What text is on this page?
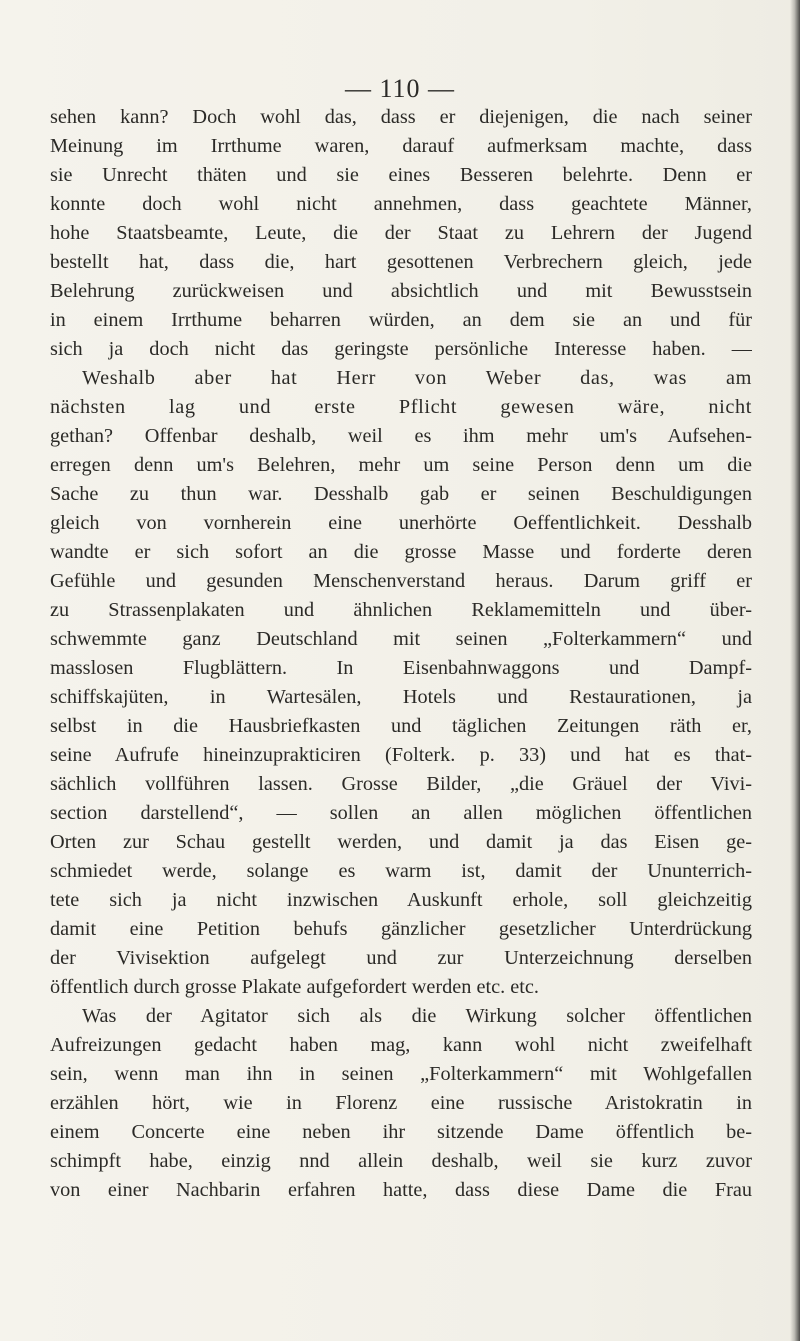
— 110 —
sehen kann? Doch wohl das, dass er diejenigen, die nach seiner
Meinung im Irrthume waren, darauf aufmerksam machte, dass
sie Unrecht thäten und sie eines Besseren belehrte. Denn er
konnte doch wohl nicht annehmen, dass geachtete Männer,
hohe Staatsbeamte, Leute, die der Staat zu Lehrern der Jugend
bestellt hat, dass die, hart gesottenen Verbrechern gleich, jede
Belehrung zurückweisen und absichtlich und mit Bewusstsein
in einem Irrthume beharren würden, an dem sie an und für
sich ja doch nicht das geringste persönliche Interesse haben. —
Weshalb aber hat Herr von Weber das, was am
nächsten lag und erste Pflicht gewesen wäre, nicht
gethan? Offenbar deshalb, weil es ihm mehr um's Aufsehen-
erregen denn um's Belehren, mehr um seine Person denn um die
Sache zu thun war. Desshalb gab er seinen Beschuldigungen
gleich von vornherein eine unerhörte Oeffentlichkeit. Desshalb
wandte er sich sofort an die grosse Masse und forderte deren
Gefühle und gesunden Menschenverstand heraus. Darum griff er
zu Strassenplakaten und ähnlichen Reklamemitteln und über-
schwemmte ganz Deutschland mit seinen „Folterkammern“ und
masslosen Flugblättern. In Eisenbahnwaggons und Dampf-
schiffskajüten, in Wartesälen, Hotels und Restaurationen, ja
selbst in die Hausbriefkasten und täglichen Zeitungen räth er,
seine Aufrufe hineinzuprakticiren (Folterk. p. 33) und hat es that-
sächlich vollführen lassen. Grosse Bilder, „die Gräuel der Vivi-
section darstellend“, — sollen an allen möglichen öffentlichen
Orten zur Schau gestellt werden, und damit ja das Eisen ge-
schmiedet werde, solange es warm ist, damit der Ununterrich-
tete sich ja nicht inzwischen Auskunft erhole, soll gleichzeitig
damit eine Petition behufs gänzlicher gesetzlicher Unterdrückung
der Vivisektion aufgelegt und zur Unterzeichnung derselben
öffentlich durch grosse Plakate aufgefordert werden etc. etc.
Was der Agitator sich als die Wirkung solcher öffentlichen
Aufreizungen gedacht haben mag, kann wohl nicht zweifelhaft
sein, wenn man ihn in seinen „Folterkammern“ mit Wohlgefallen
erzählen hört, wie in Florenz eine russische Aristokratin in
einem Concerte eine neben ihr sitzende Dame öffentlich be-
schimpft habe, einzig nnd allein deshalb, weil sie kurz zuvor
von einer Nachbarin erfahren hatte, dass diese Dame die Frau
